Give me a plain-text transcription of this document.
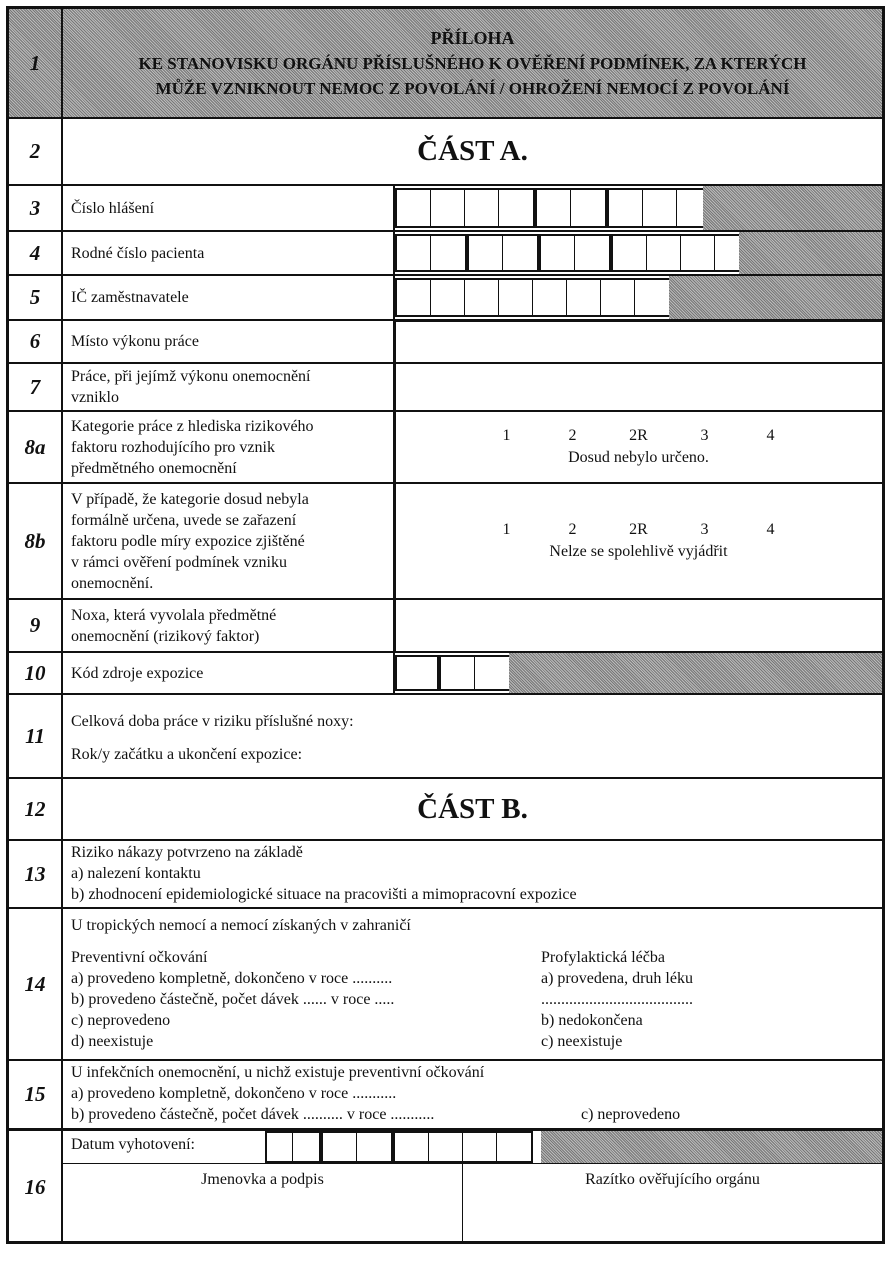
1
PŘÍLOHA
KE STANOVISKU ORGÁNU PŘÍSLUŠNÉHO K OVĚŘENÍ PODMÍNEK, ZA KTERÝCH
MŮŽE VZNIKNOUT NEMOC Z POVOLÁNÍ / OHROŽENÍ NEMOCÍ Z POVOLÁNÍ
2	ČÁST A.
3	Číslo hlášení
4	Rodné číslo pacienta
5	IČ zaměstnavatele
6	Místo výkonu práce
7	Práce, při jejímž výkonu onemocnění
vzniklo
8a
Kategorie práce z hlediska rizikového
faktoru rozhodujícího pro vznik
předmětného onemocnění
1	2	2R	3	4
Dosud nebylo určeno.
8b
V případě, že kategorie dosud nebyla
formálně určena, uvede se zařazení
faktoru podle míry expozice zjištěné
v rámci ověření podmínek vzniku
onemocnění.
1	2	2R	3	4
Nelze se spolehlivě vyjádřit
9	Noxa, která vyvolala předmětné
onemocnění (rizikový faktor)
10	Kód zdroje expozice
11
Celková doba práce v riziku příslušné noxy:
Rok/y začátku a ukončení expozice:
12	ČÁST B.
13
Riziko nákazy potvrzeno na základě
a) nalezení kontaktu
b) zhodnocení epidemiologické situace na pracovišti a mimopracovní expozice
14
U tropických nemocí a nemocí získaných v zahraničí
Preventivní očkování
a) provedeno kompletně, dokončeno v roce ..........
b) provedeno částečně, počet dávek ...... v roce .....
c) neprovedeno
d) neexistuje
Profylaktická léčba
a) provedena, druh léku
......................................
b) nedokončena
c) neexistuje
15
U infekčních onemocnění, u nichž existuje preventivní očkování
a) provedeno kompletně, dokončeno v roce ...........
b) provedeno částečně, počet dávek .......... v roce ...........	c) neprovedeno
16
Datum vyhotovení:
Jmenovka a podpis	Razítko ověřujícího orgánu
